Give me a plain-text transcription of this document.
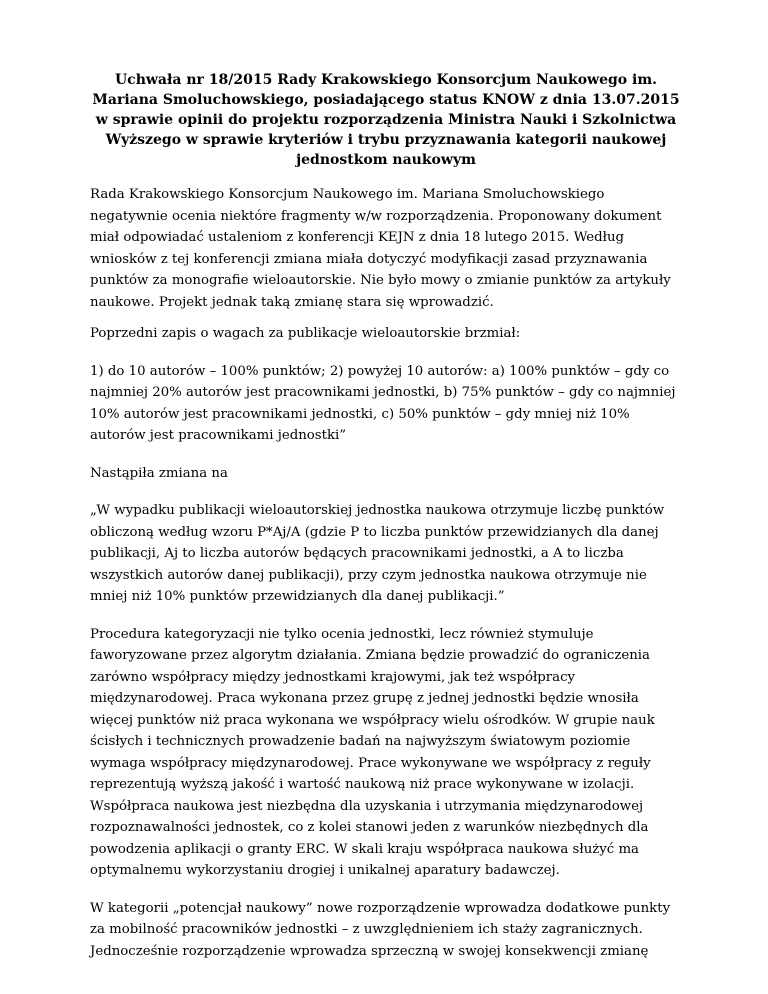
Uchwała nr 18/2015 Rady Krakowskiego Konsorcjum Naukowego im. Mariana Smoluchowskiego, posiadającego status KNOW z dnia 13.07.2015 w sprawie opinii do projektu rozporządzenia Ministra Nauki i Szkolnictwa Wyższego w sprawie kryteriów i trybu przyznawania kategorii naukowej jednostkom naukowym
Rada Krakowskiego Konsorcjum Naukowego im. Mariana Smoluchowskiego negatywnie ocenia niektóre fragmenty w/w rozporządzenia. Proponowany dokument miał odpowiadać ustaleniom z konferencji KEJN z dnia 18 lutego 2015. Według wniosków z tej konferencji zmiana miała dotyczyć modyfikacji zasad przyznawania punktów za monografie wieloautorskie. Nie było mowy o zmianie punktów za artykuły naukowe. Projekt jednak taką zmianę stara się wprowadzić.
Poprzedni zapis o wagach za publikacje wieloautorskie brzmiał:
1) do 10 autorów – 100% punktów; 2) powyżej 10 autorów: a) 100% punktów – gdy co najmniej 20% autorów jest pracownikami jednostki, b) 75% punktów – gdy co najmniej 10% autorów jest pracownikami jednostki, c) 50% punktów – gdy mniej niż 10% autorów jest pracownikami jednostki”
Nastąpiła zmiana na
„W wypadku publikacji wieloautorskiej jednostka naukowa otrzymuje liczbę punktów obliczoną według wzoru P*Aj/A (gdzie P to liczba punktów przewidzianych dla danej publikacji, Aj to liczba autorów będących pracownikami jednostki, a A to liczba wszystkich autorów danej publikacji), przy czym jednostka naukowa otrzymuje nie mniej niż 10% punktów przewidzianych dla danej publikacji.”
Procedura kategoryzacji nie tylko ocenia jednostki, lecz również stymuluje faworyzowane przez algorytm działania. Zmiana będzie prowadzić do ograniczenia zarówno współpracy między jednostkami krajowymi, jak też współpracy międzynarodowej. Praca wykonana przez grupę z jednej jednostki będzie wnosiła więcej punktów niż praca wykonana we współpracy wielu ośrodków. W grupie nauk ścisłych i technicznych prowadzenie badań na najwyższym światowym poziomie wymaga współpracy międzynarodowej. Prace wykonywane we współpracy z reguły reprezentują wyższą jakość i wartość naukową niż prace wykonywane w izolacji. Współpraca naukowa jest niezbędna dla uzyskania i utrzymania międzynarodowej rozpoznawalności jednostek, co z kolei stanowi jeden z warunków niezbędnych dla powodzenia aplikacji o granty ERC. W skali kraju współpraca naukowa służyć ma optymalnemu wykorzystaniu drogiej i unikalnej aparatury badawczej.
W kategorii „potencjał naukowy” nowe rozporządzenie wprowadza dodatkowe punkty za mobilność pracowników jednostki – z uwzględnieniem ich staży zagranicznych. Jednocześnie rozporządzenie wprowadza sprzeczną w swojej konsekwencji zmianę
